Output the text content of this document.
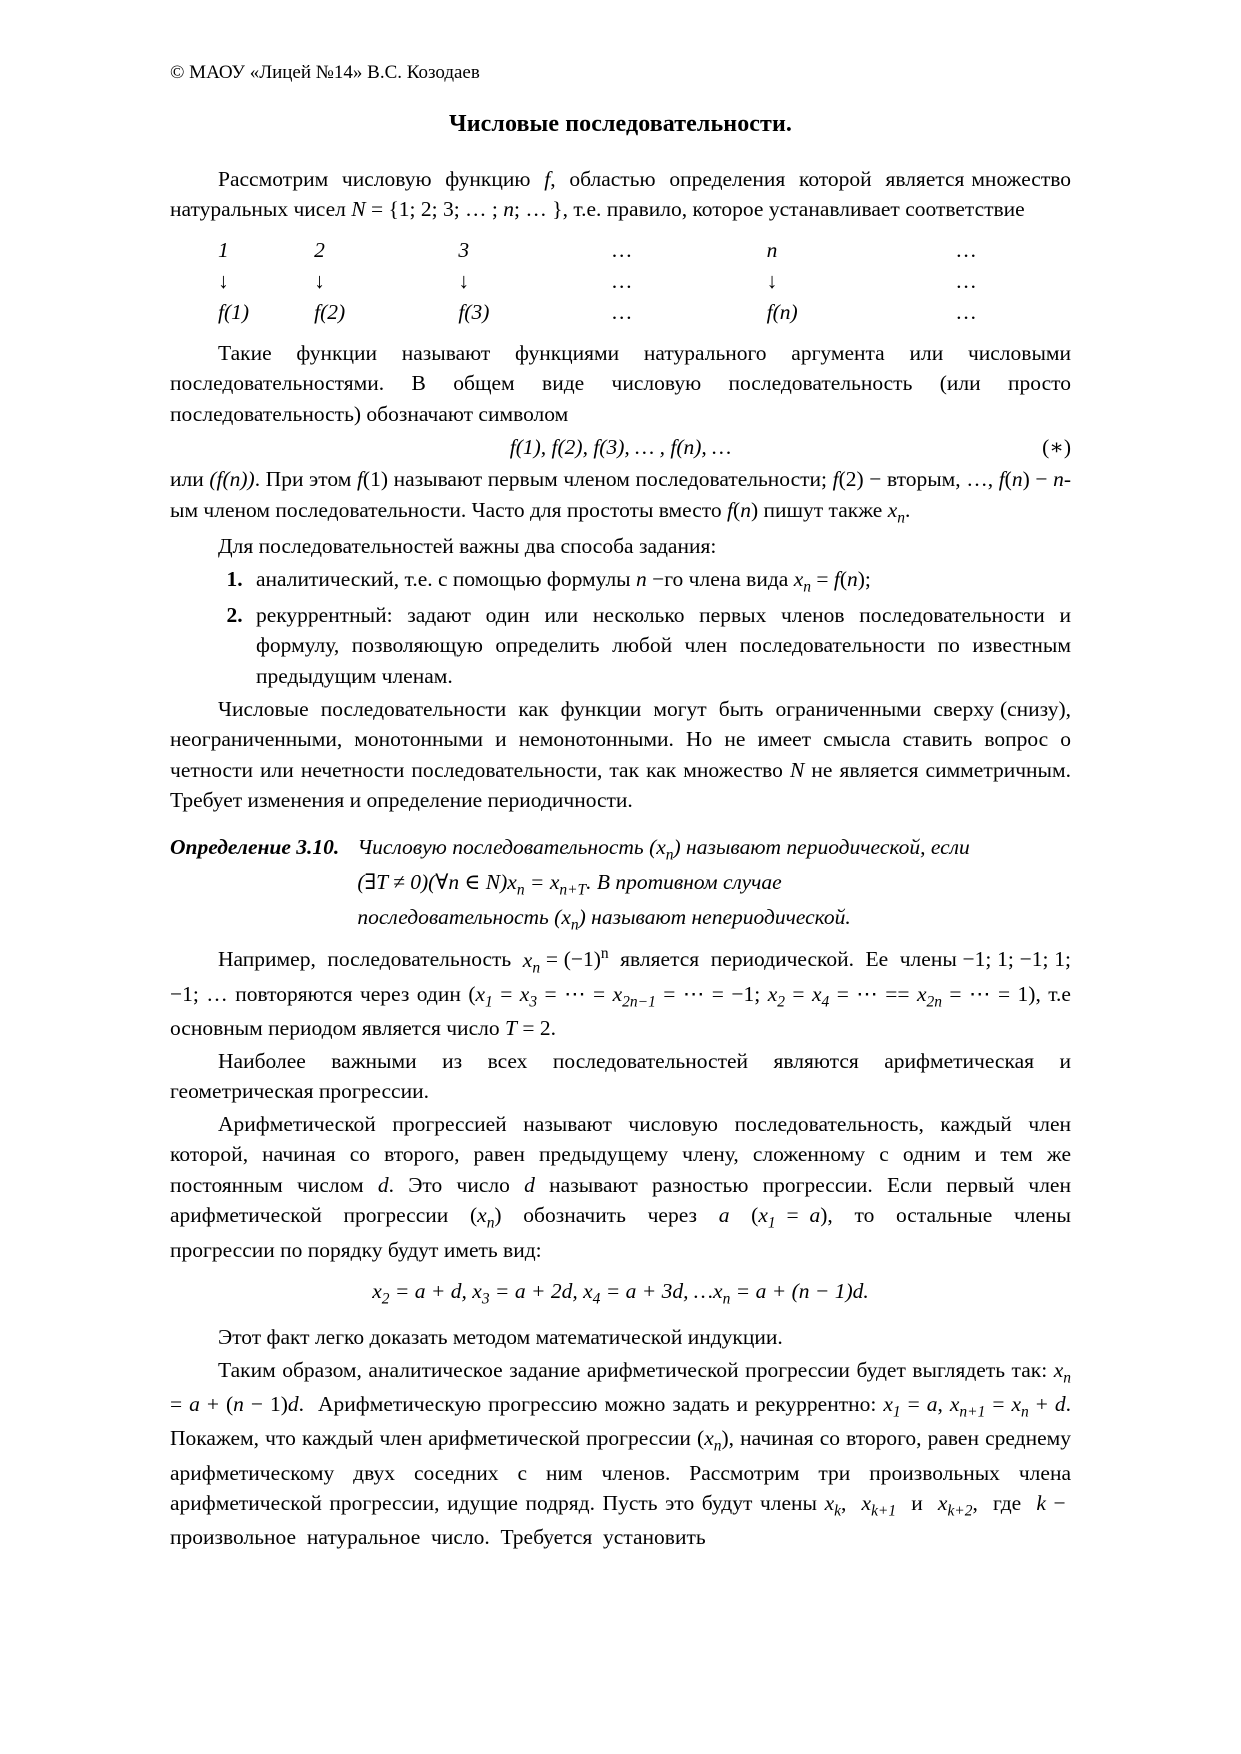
© МАОУ «Лицей №14» В.С. Козодаев
Числовые последовательности.

Рассмотрим  числовую  функцию  f,  областью  определения  которой  является множество натуральных чисел N = {1; 2; 3; … ; n; … }, т.е. правило, которое устанавливает соответствие

1	2	3	…	n	…
↓	↓	↓	…	↓	…
f(1)	f(2)	f(3)	…	f(n)	…

Такие функции называют функциями натурального аргумента или числовыми последовательностями. В общем виде числовую последовательность (или просто последовательность) обозначают символом

f(1), f(2), f(3), … , f(n), …	(∗)

или (f(n)). При этом f(1) называют первым членом последовательности; f(2) − вторым, …, f(n) − n-ым членом последовательности. Часто для простоты вместо f(n) пишут также $x_n$.

Для последовательностей важны два способа задания:

1. аналитический, т.е. с помощью формулы n −го члена вида $x_n = f(n)$;
2. рекуррентный: задают один или несколько первых членов последовательности и формулу, позволяющую определить любой член последовательности по известным предыдущим членам.

Числовые  последовательности  как  функции  могут  быть  ограниченными  сверху (снизу), неограниченными, монотонными и немонотонными. Но не имеет смысла ставить вопрос о четности или нечетности последовательности, так как множество N не является симметричным. Требует изменения и определение периодичности.

Определение 3.10. Числовую последовательность $(x_n)$ называют периодической, если
(∃T ≠ 0)(∀n ∈ $N)x_n = x_{n+T}$. В противном случае
последовательность $(x_n)$ называют непериодической.

Например,  последовательность  $x_n = (-1)^n$  является  периодической.  Ее  члены −1; 1; −1; 1; −1; … повторяются через один ($x_1 = x_3$ = ⋯ = $x_{2n-1}$ = ⋯ = −1; $x_2 = x_4$ = ⋯ == $x_{2n}$ = ⋯ = 1), т.е основным периодом является число T = 2.

Наиболее важными из всех последовательностей являются арифметическая и геометрическая прогрессии.

Арифметической прогрессией называют числовую последовательность, каждый член которой, начиная со второго, равен предыдущему члену, сложенному с одним и тем же постоянным числом d. Это число d называют разностью прогрессии. Если первый член арифметической  прогрессии  $(x_n)$  обозначить  через  a  $(x_1 = a)$,  то  остальные  члены прогрессии по порядку будут иметь вид:

$x_2 = a + d$, $x_3 = a + 2d$, $x_4 = a + 3d$, $\dots x_n = a + (n - 1)d$.

Этот факт легко доказать методом математической индукции.

Таким образом, аналитическое задание арифметической прогрессии будет выглядеть так: $x_n = a + (n - 1)d$.  Арифметическую прогрессию можно задать и рекуррентно: $x_1 = a$, $x_{n+1} = x_n + d$. Покажем, что каждый член арифметической прогрессии $(x_n)$, начиная со второго, равен среднему арифметическому двух соседних с ним членов. Рассмотрим три произвольных члена арифметической прогрессии, идущие подряд. Пусть это будут члены $x_k$,  $x_{k+1}$  и  $x_{k+2}$,  где  k −  произвольное  натуральное  число.  Требуется  установить
